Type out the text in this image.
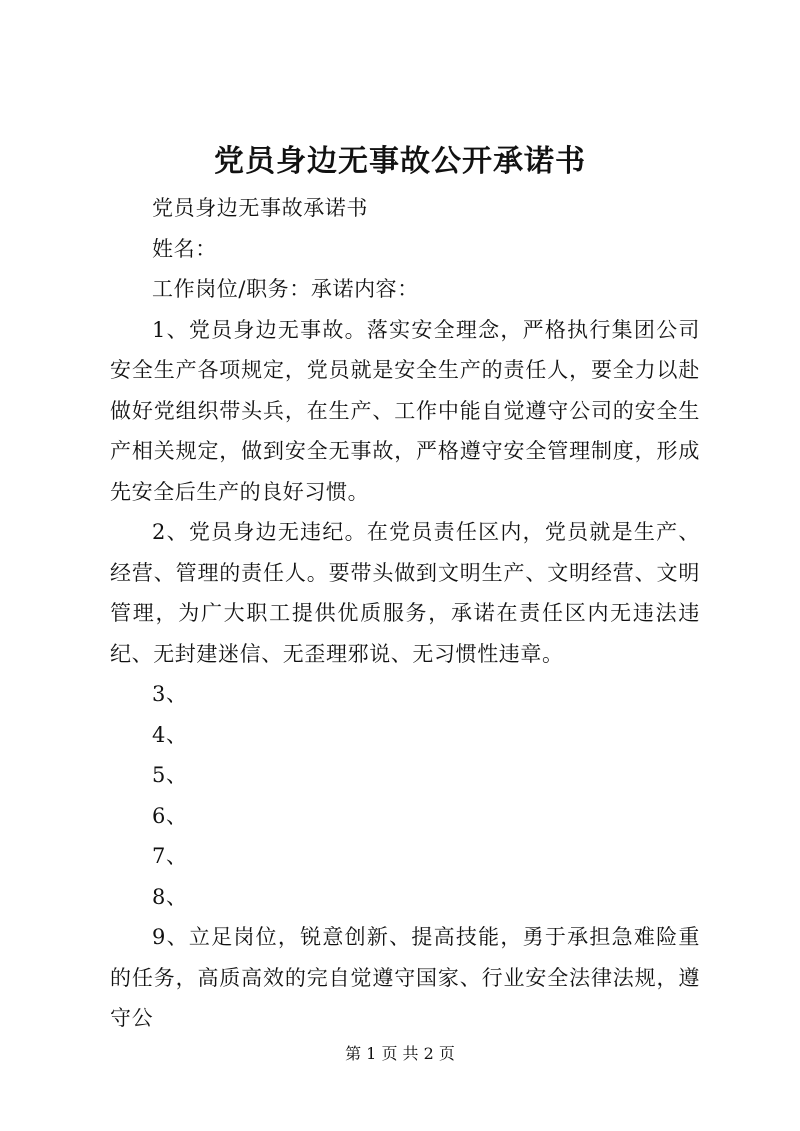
党员身边无事故公开承诺书

党员身边无事故承诺书

姓名：

工作岗位/职务：承诺内容：

1、党员身边无事故。落实安全理念，严格执行集团公司安全生产各项规定，党员就是安全生产的责任人，要全力以赴做好党组织带头兵，在生产、工作中能自觉遵守公司的安全生产相关规定，做到安全无事故，严格遵守安全管理制度，形成先安全后生产的良好习惯。

2、党员身边无违纪。在党员责任区内，党员就是生产、经营、管理的责任人。要带头做到文明生产、文明经营、文明管理，为广大职工提供优质服务，承诺在责任区内无违法违纪、无封建迷信、无歪理邪说、无习惯性违章。

3、

4、

5、

6、

7、

8、

9、立足岗位，锐意创新、提高技能，勇于承担急难险重的任务，高质高效的完自觉遵守国家、行业安全法律法规，遵守公

第 1 页 共 2 页
